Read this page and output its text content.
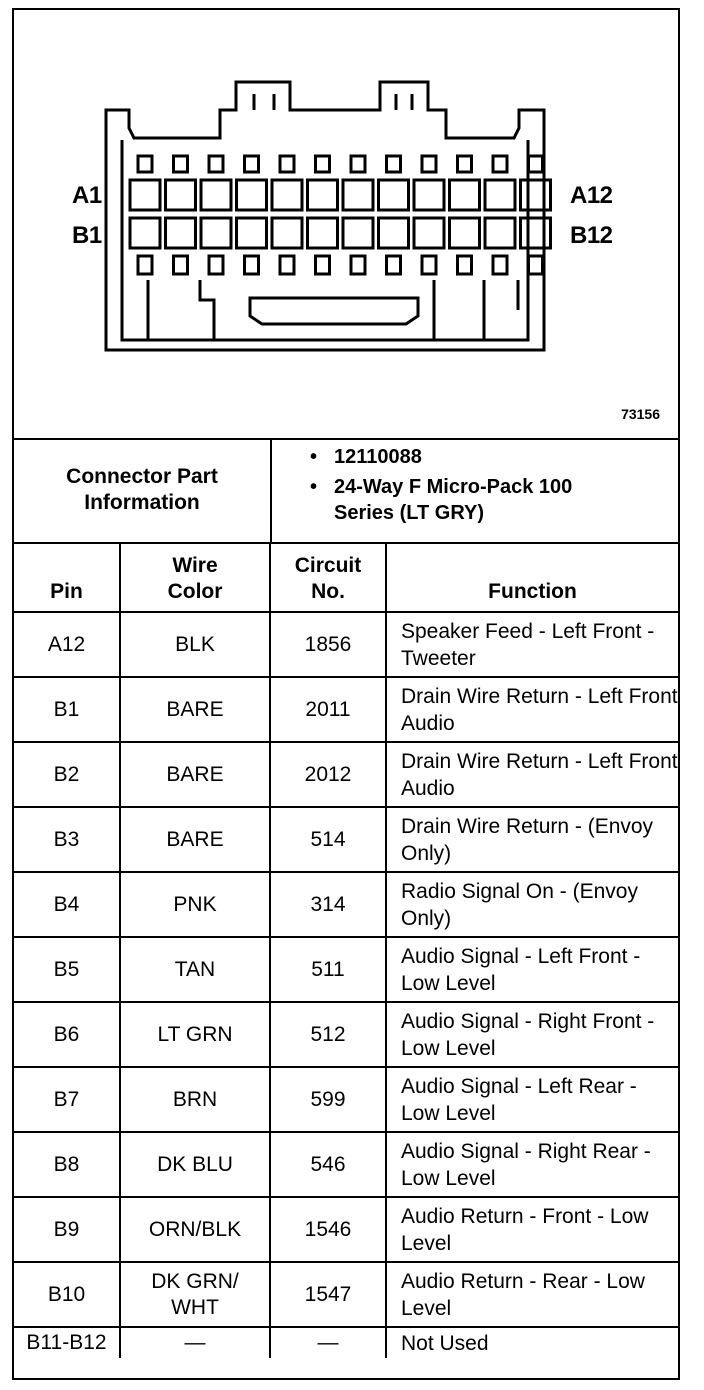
A1
B1
A12
B12
73156
Connector Part Information
• 12110088
• 24-Way F Micro-Pack 100 Series (LT GRY)
Pin	Wire Color	Circuit No.	Function
A12	BLK	1856	Speaker Feed - Left Front - Tweeter
B1	BARE	2011	Drain Wire Return - Left Front Audio
B2	BARE	2012	Drain Wire Return - Left Front Audio
B3	BARE	514	Drain Wire Return - (Envoy Only)
B4	PNK	314	Radio Signal On - (Envoy Only)
B5	TAN	511	Audio Signal - Left Front - Low Level
B6	LT GRN	512	Audio Signal - Right Front - Low Level
B7	BRN	599	Audio Signal - Left Rear - Low Level
B8	DK BLU	546	Audio Signal - Right Rear - Low Level
B9	ORN/BLK	1546	Audio Return - Front - Low Level
B10	DK GRN/ WHT	1547	Audio Return - Rear - Low Level
B11-B12	—	—	Not Used
